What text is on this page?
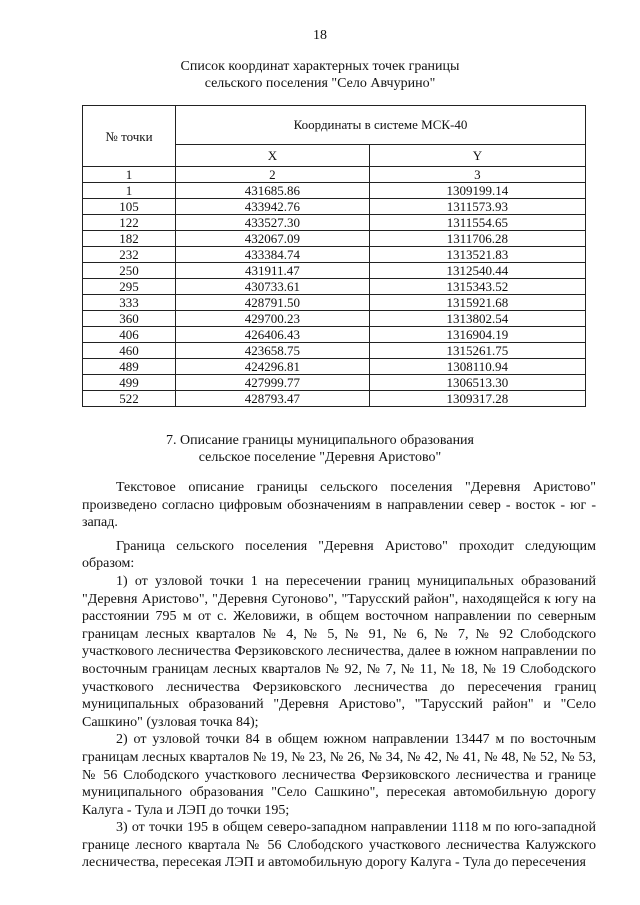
18
Список координат характерных точек границы
сельского поселения "Село Авчурино"
№ точки	Координаты в системе МСК-40	
	X	Y
1	2	3
1	431685.86	1309199.14
105	433942.76	1311573.93
122	433527.30	1311554.65
182	432067.09	1311706.28
232	433384.74	1313521.83
250	431911.47	1312540.44
295	430733.61	1315343.52
333	428791.50	1315921.68
360	429700.23	1313802.54
406	426406.43	1316904.19
460	423658.75	1315261.75
489	424296.81	1308110.94
499	427999.77	1306513.30
522	428793.47	1309317.28
7. Описание границы муниципального образования
сельское поселение "Деревня Аристово"

Текстовое описание границы сельского поселения "Деревня Аристово" произведено согласно цифровым обозначениям в направлении север - восток - юг - запад.

Граница сельского поселения "Деревня Аристово" проходит следующим образом:

1) от узловой точки 1 на пересечении границ муниципальных образований "Деревня Аристово", "Деревня Сугоново", "Тарусский район", находящейся к югу на расстоянии 795 м от с. Желовижи, в общем восточном направлении по северным границам лесных кварталов № 4, № 5, № 91, № 6, № 7, № 92 Слободского участкового лесничества Ферзиковского лесничества, далее в южном направлении по восточным границам лесных кварталов № 92, № 7, № 11, № 18, № 19 Слободского участкового лесничества Ферзиковского лесничества до пересечения границ муниципальных образований "Деревня Аристово", "Тарусский район" и "Село Сашкино" (узловая точка 84);

2) от узловой точки 84 в общем южном направлении 13447 м по восточным границам лесных кварталов № 19, № 23, № 26, № 34, № 42, № 41, № 48, № 52, № 53, № 56 Слободского участкового лесничества Ферзиковского лесничества и границе муниципального образования "Село Сашкино", пересекая автомобильную дорогу Калуга - Тула и ЛЭП до точки 195;

3) от точки 195 в общем северо-западном направлении 1118 м по юго-западной границе лесного квартала № 56 Слободского участкового лесничества Калужского лесничества, пересекая ЛЭП и автомобильную дорогу Калуга - Тула до пересечения
